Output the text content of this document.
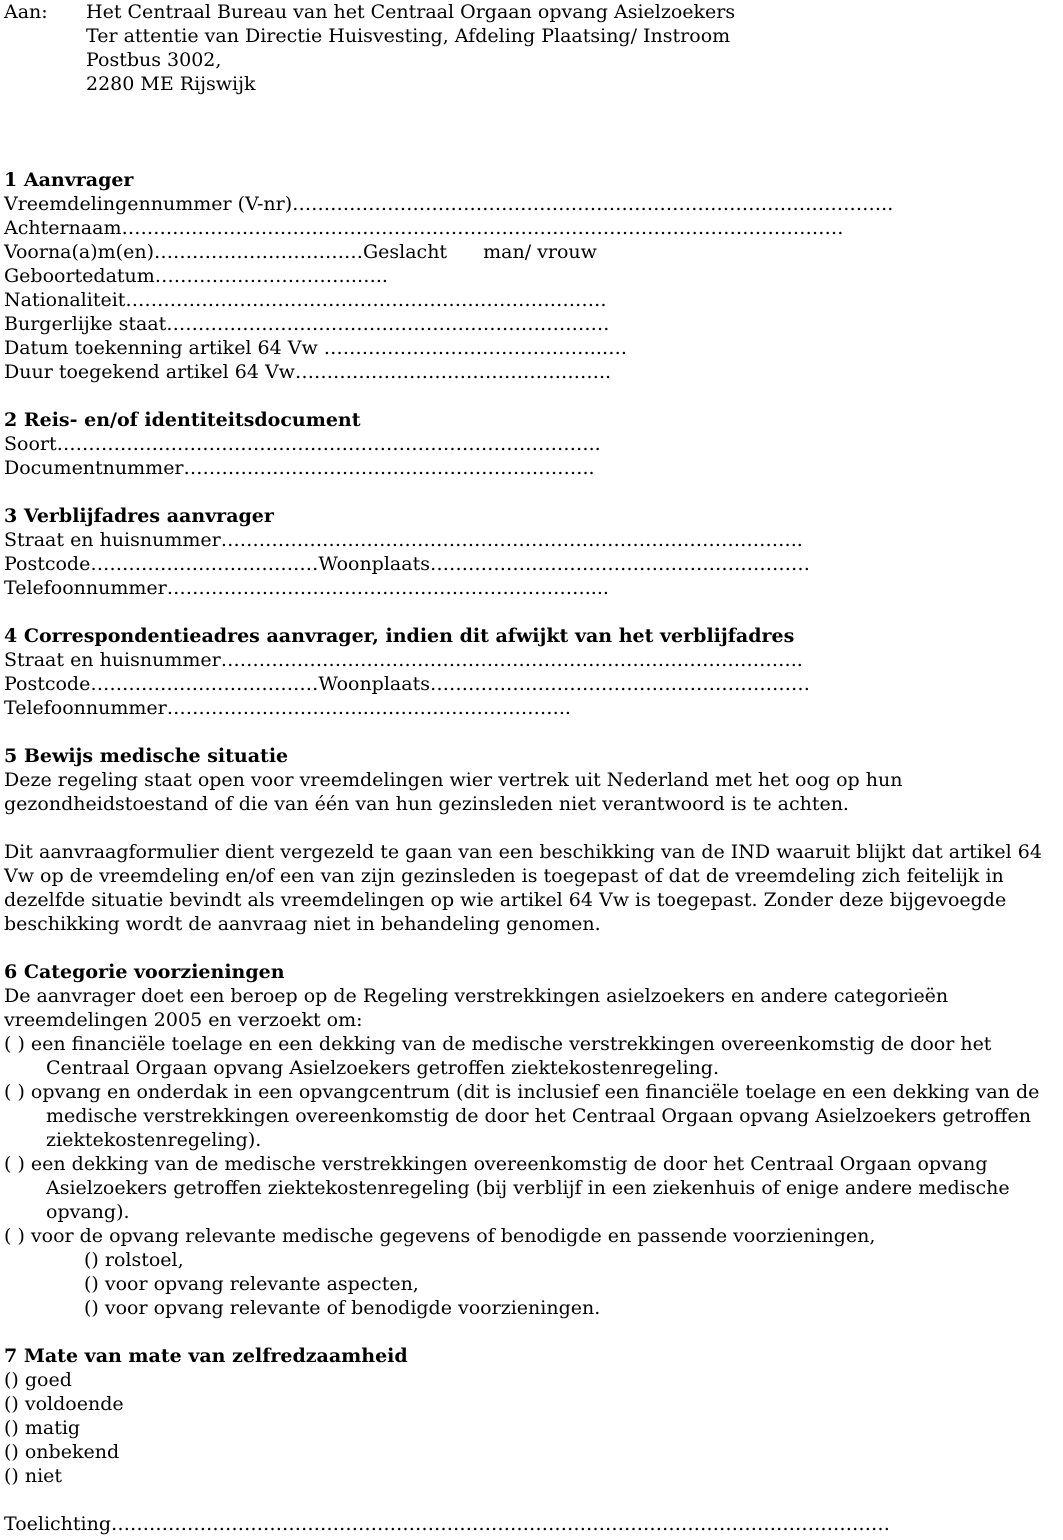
Aan:	Het Centraal Bureau van het Centraal Orgaan opvang Asielzoekers
Ter attentie van Directie Huisvesting, Afdeling Plaatsing/ Instroom
Postbus 3002,
2280 ME Rijswijk
1 Aanvrager
Vreemdelingennummer (V-nr)…………………………………………………………………………………..
Achternaam……………………………………………………………………………………………………
Voorna(a)m(en)……………………………Geslacht man/ vrouw
Geboortedatum…………………………..…..
Nationaliteit………………………………………………………………….
Burgerlijke staat…………………………………………………………….
Datum toekenning artikel 64 Vw ……………………………………..….
Duur toegekend artikel 64 Vw…………………………………………..
2 Reis- en/of identiteitsdocument
Soort…………………………………………………………………………..
Documentnummer………………………………………………………..
3 Verblijfadres aanvrager
Straat en huisnummer………………………………………………………………………………..
Postcode………………………………Woonplaats……………………………………………………
Telefoonnummer…………………………………………………………....
4 Correspondentieadres aanvrager, indien dit afwijkt van het verblijfadres
Straat en huisnummer………………………………………………………………………………..
Postcode………………………………Woonplaats……………………………………………………
Telefoonnummer…………………………..…………………………..
5 Bewijs medische situatie
Deze regeling staat open voor vreemdelingen wier vertrek uit Nederland met het oog op hun gezondheidstoestand of die van één van hun gezinsleden niet verantwoord is te achten.
Dit aanvraagformulier dient vergezeld te gaan van een beschikking van de IND waaruit blijkt dat artikel 64 Vw op de vreemdeling en/of een van zijn gezinsleden is toegepast of dat de vreemdeling zich feitelijk in dezelfde situatie bevindt als vreemdelingen op wie artikel 64 Vw is toegepast. Zonder deze bijgevoegde beschikking wordt de aanvraag niet in behandeling genomen.
6 Categorie voorzieningen
De aanvrager doet een beroep op de Regeling verstrekkingen asielzoekers en andere categorieën vreemdelingen 2005 en verzoekt om:
( ) een financiële toelage en een dekking van de medische verstrekkingen overeenkomstig de door het Centraal Orgaan opvang Asielzoekers getroffen ziektekostenregeling.
( ) opvang en onderdak in een opvangcentrum (dit is inclusief een financiële toelage en een dekking van de medische verstrekkingen overeenkomstig de door het Centraal Orgaan opvang Asielzoekers getroffen ziektekostenregeling).
( ) een dekking van de medische verstrekkingen overeenkomstig de door het Centraal Orgaan opvang Asielzoekers getroffen ziektekostenregeling (bij verblijf in een ziekenhuis of enige andere medische opvang).
( ) voor de opvang relevante medische gegevens of benodigde en passende voorzieningen,
() rolstoel,
() voor opvang relevante aspecten,
() voor opvang relevante of benodigde voorzieningen.
7 Mate van mate van zelfredzaamheid
() goed
() voldoende
() matig
() onbekend
() niet
Toelichting……………………………………………………………………………………………………………
